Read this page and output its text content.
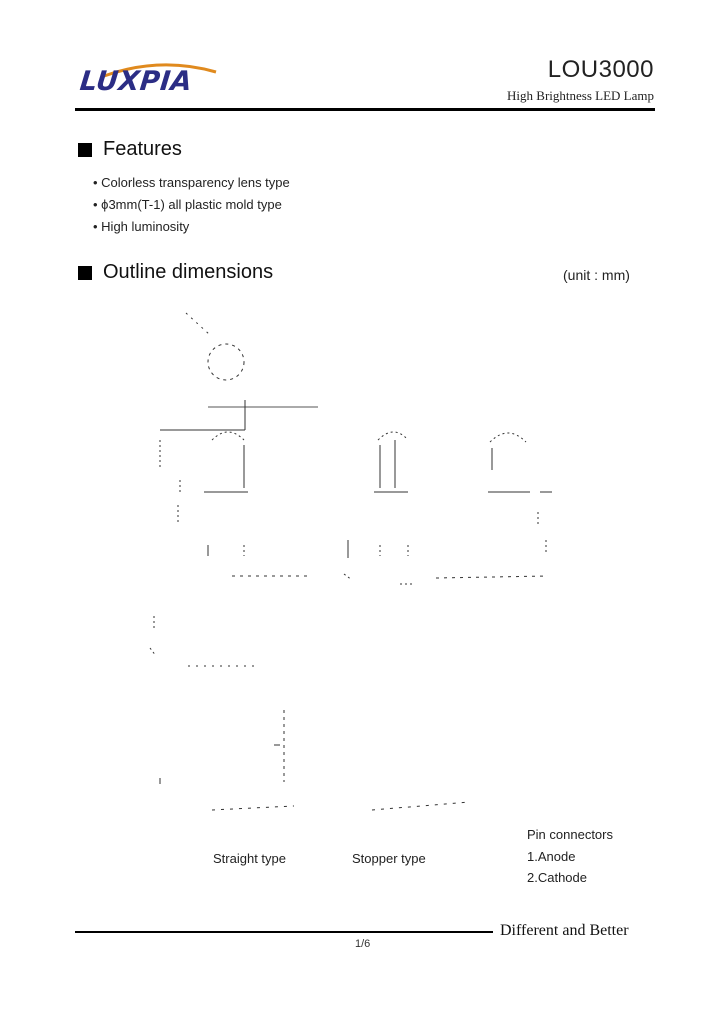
LUXPIA	LOU3000
High Brightness LED Lamp
Features
• Colorless transparency lens type
• ϕ3mm(T-1) all plastic mold type
• High luminosity
Outline dimensions	(unit : mm)
Straight type	Stopper type
Pin connectors
1.Anode
2.Cathode
Different and Better
1/6
